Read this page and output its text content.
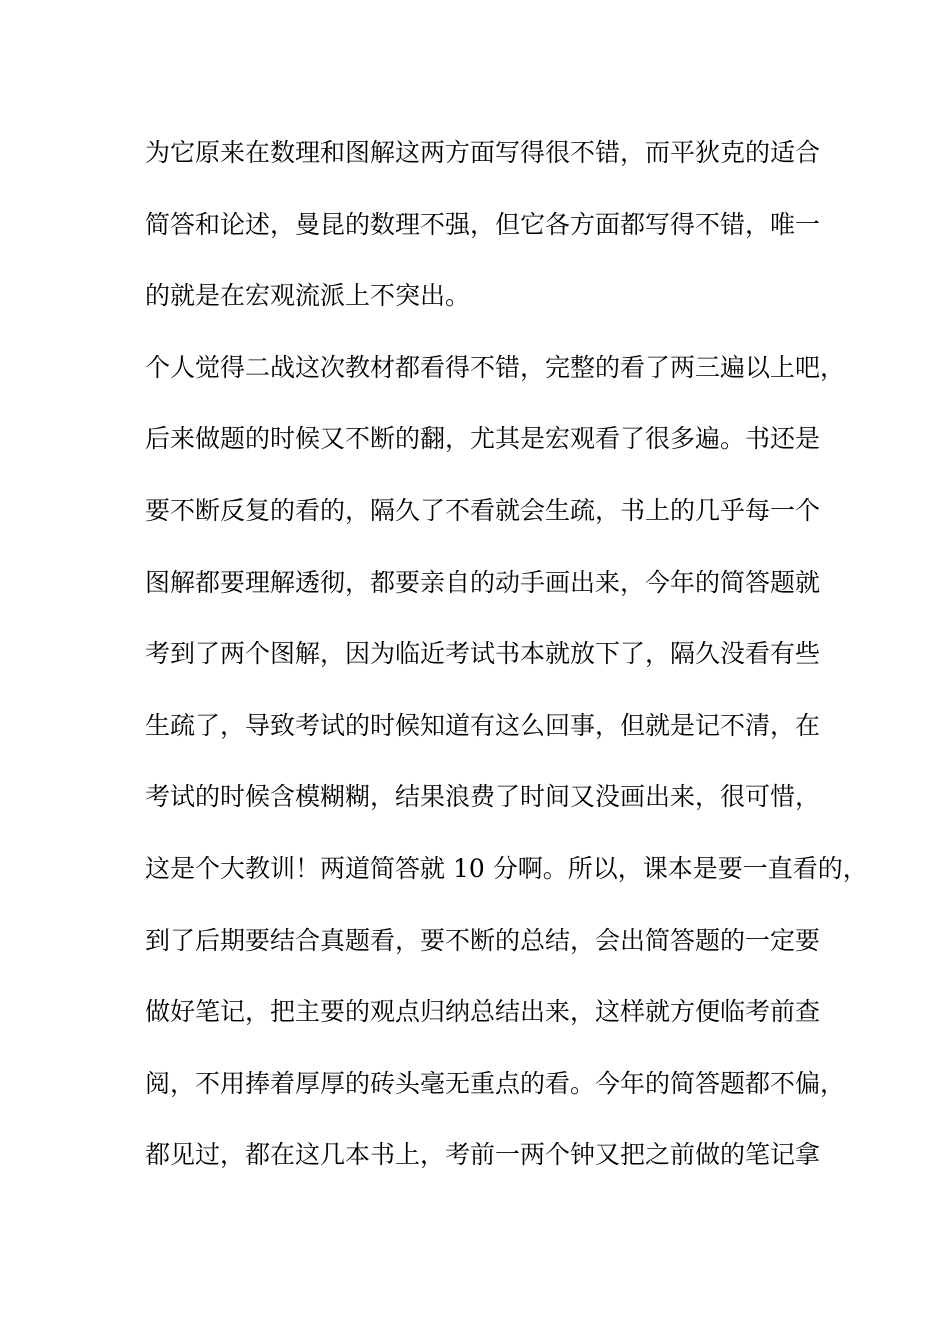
为它原来在数理和图解这两方面写得很不错，而平狄克的适合
简答和论述，曼昆的数理不强，但它各方面都写得不错，唯一
的就是在宏观流派上不突出。
个人觉得二战这次教材都看得不错，完整的看了两三遍以上吧，
后来做题的时候又不断的翻，尤其是宏观看了很多遍。书还是
要不断反复的看的，隔久了不看就会生疏，书上的几乎每一个
图解都要理解透彻，都要亲自的动手画出来，今年的简答题就
考到了两个图解，因为临近考试书本就放下了，隔久没看有些
生疏了，导致考试的时候知道有这么回事，但就是记不清，在
考试的时候含模糊糊，结果浪费了时间又没画出来，很可惜，
这是个大教训！两道简答就 10 分啊。所以，课本是要一直看的，
到了后期要结合真题看，要不断的总结，会出简答题的一定要
做好笔记，把主要的观点归纳总结出来，这样就方便临考前查
阅，不用捧着厚厚的砖头毫无重点的看。今年的简答题都不偏，
都见过，都在这几本书上，考前一两个钟又把之前做的笔记拿
